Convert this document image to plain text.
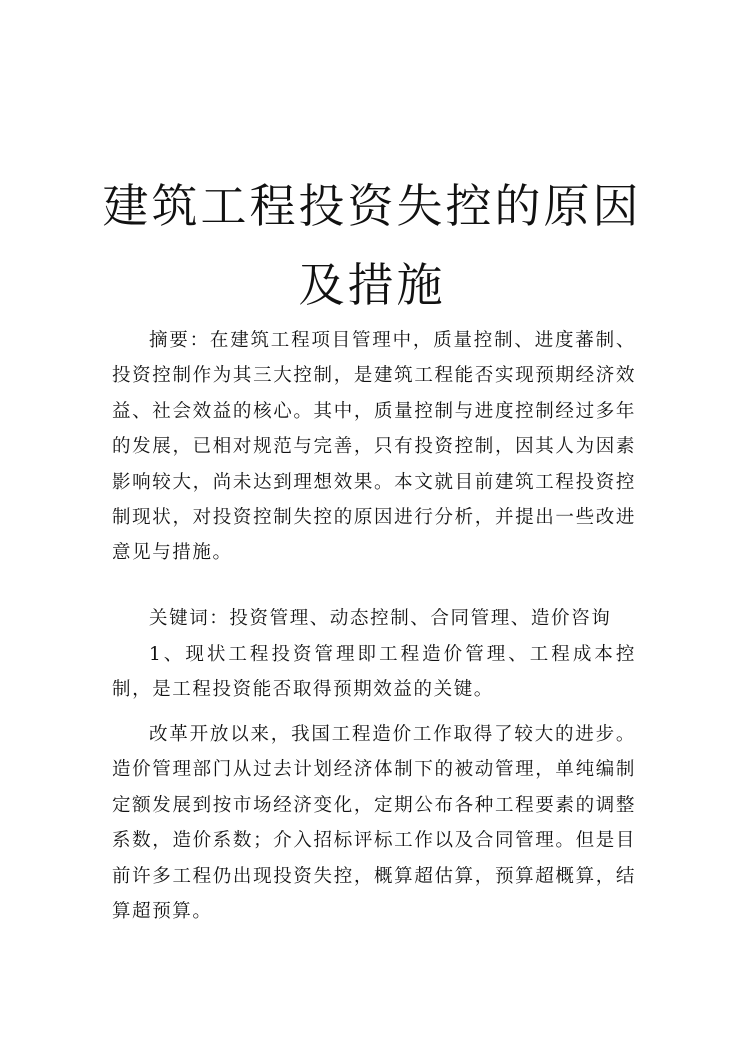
建筑工程投资失控的原因
及措施

摘要：在建筑工程项目管理中，质量控制、进度蕃制、投资控制作为其三大控制，是建筑工程能否实现预期经济效益、社会效益的核心。其中，质量控制与进度控制经过多年的发展，已相对规范与完善，只有投资控制，因其人为因素影响较大，尚未达到理想效果。本文就目前建筑工程投资控制现状，对投资控制失控的原因进行分析，并提出一些改进意见与措施。

关键词：投资管理、动态控制、合同管理、造价咨询

1、现状工程投资管理即工程造价管理、工程成本控制，是工程投资能否取得预期效益的关键。

改革开放以来，我国工程造价工作取得了较大的进步。造价管理部门从过去计划经济体制下的被动管理，单纯编制定额发展到按市场经济变化，定期公布各种工程要素的调整系数，造价系数；介入招标评标工作以及合同管理。但是目前许多工程仍出现投资失控，概算超估算，预算超概算，结算超预算。
